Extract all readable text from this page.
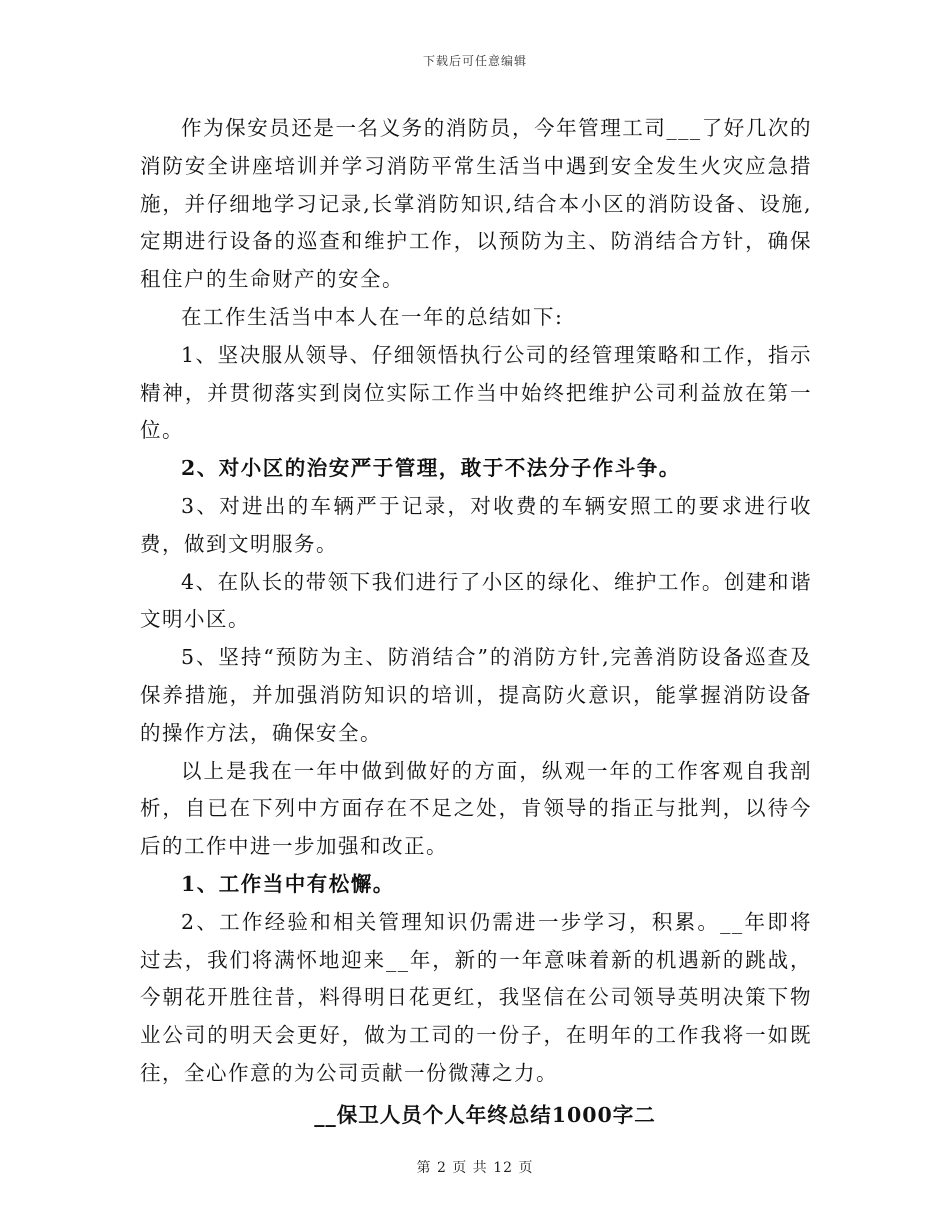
下载后可任意编辑

作为保安员还是一名义务的消防员，今年管理工司___了好几次的消防安全讲座培训并学习消防平常生活当中遇到安全发生火灾应急措施，并仔细地学习记录,长掌消防知识,结合本小区的消防设备、设施,定期进行设备的巡查和维护工作，以预防为主、防消结合方针，确保租住户的生命财产的安全。

在工作生活当中本人在一年的总结如下:

1、坚决服从领导、仔细领悟执行公司的经管理策略和工作，指示精神，并贯彻落实到岗位实际工作当中始终把维护公司利益放在第一位。

2、对小区的治安严于管理，敢于不法分子作斗争。

3、对进出的车辆严于记录，对收费的车辆安照工的要求进行收费，做到文明服务。

4、在队长的带领下我们进行了小区的绿化、维护工作。创建和谐文明小区。

5、坚持“预防为主、防消结合”的消防方针,完善消防设备巡查及保养措施，并加强消防知识的培训，提高防火意识，能掌握消防设备的操作方法，确保安全。

以上是我在一年中做到做好的方面，纵观一年的工作客观自我剖析，自已在下列中方面存在不足之处，肯领导的指正与批判，以待今后的工作中进一步加强和改正。

1、工作当中有松懈。

2、工作经验和相关管理知识仍需进一步学习，积累。__年即将过去，我们将满怀地迎来__年，新的一年意味着新的机遇新的跳战，今朝花开胜往昔，料得明日花更红，我坚信在公司领导英明决策下物业公司的明天会更好，做为工司的一份子，在明年的工作我将一如既往，全心作意的为公司贡献一份微薄之力。

__保卫人员个人年终总结1000字二

第 2 页 共 12 页
